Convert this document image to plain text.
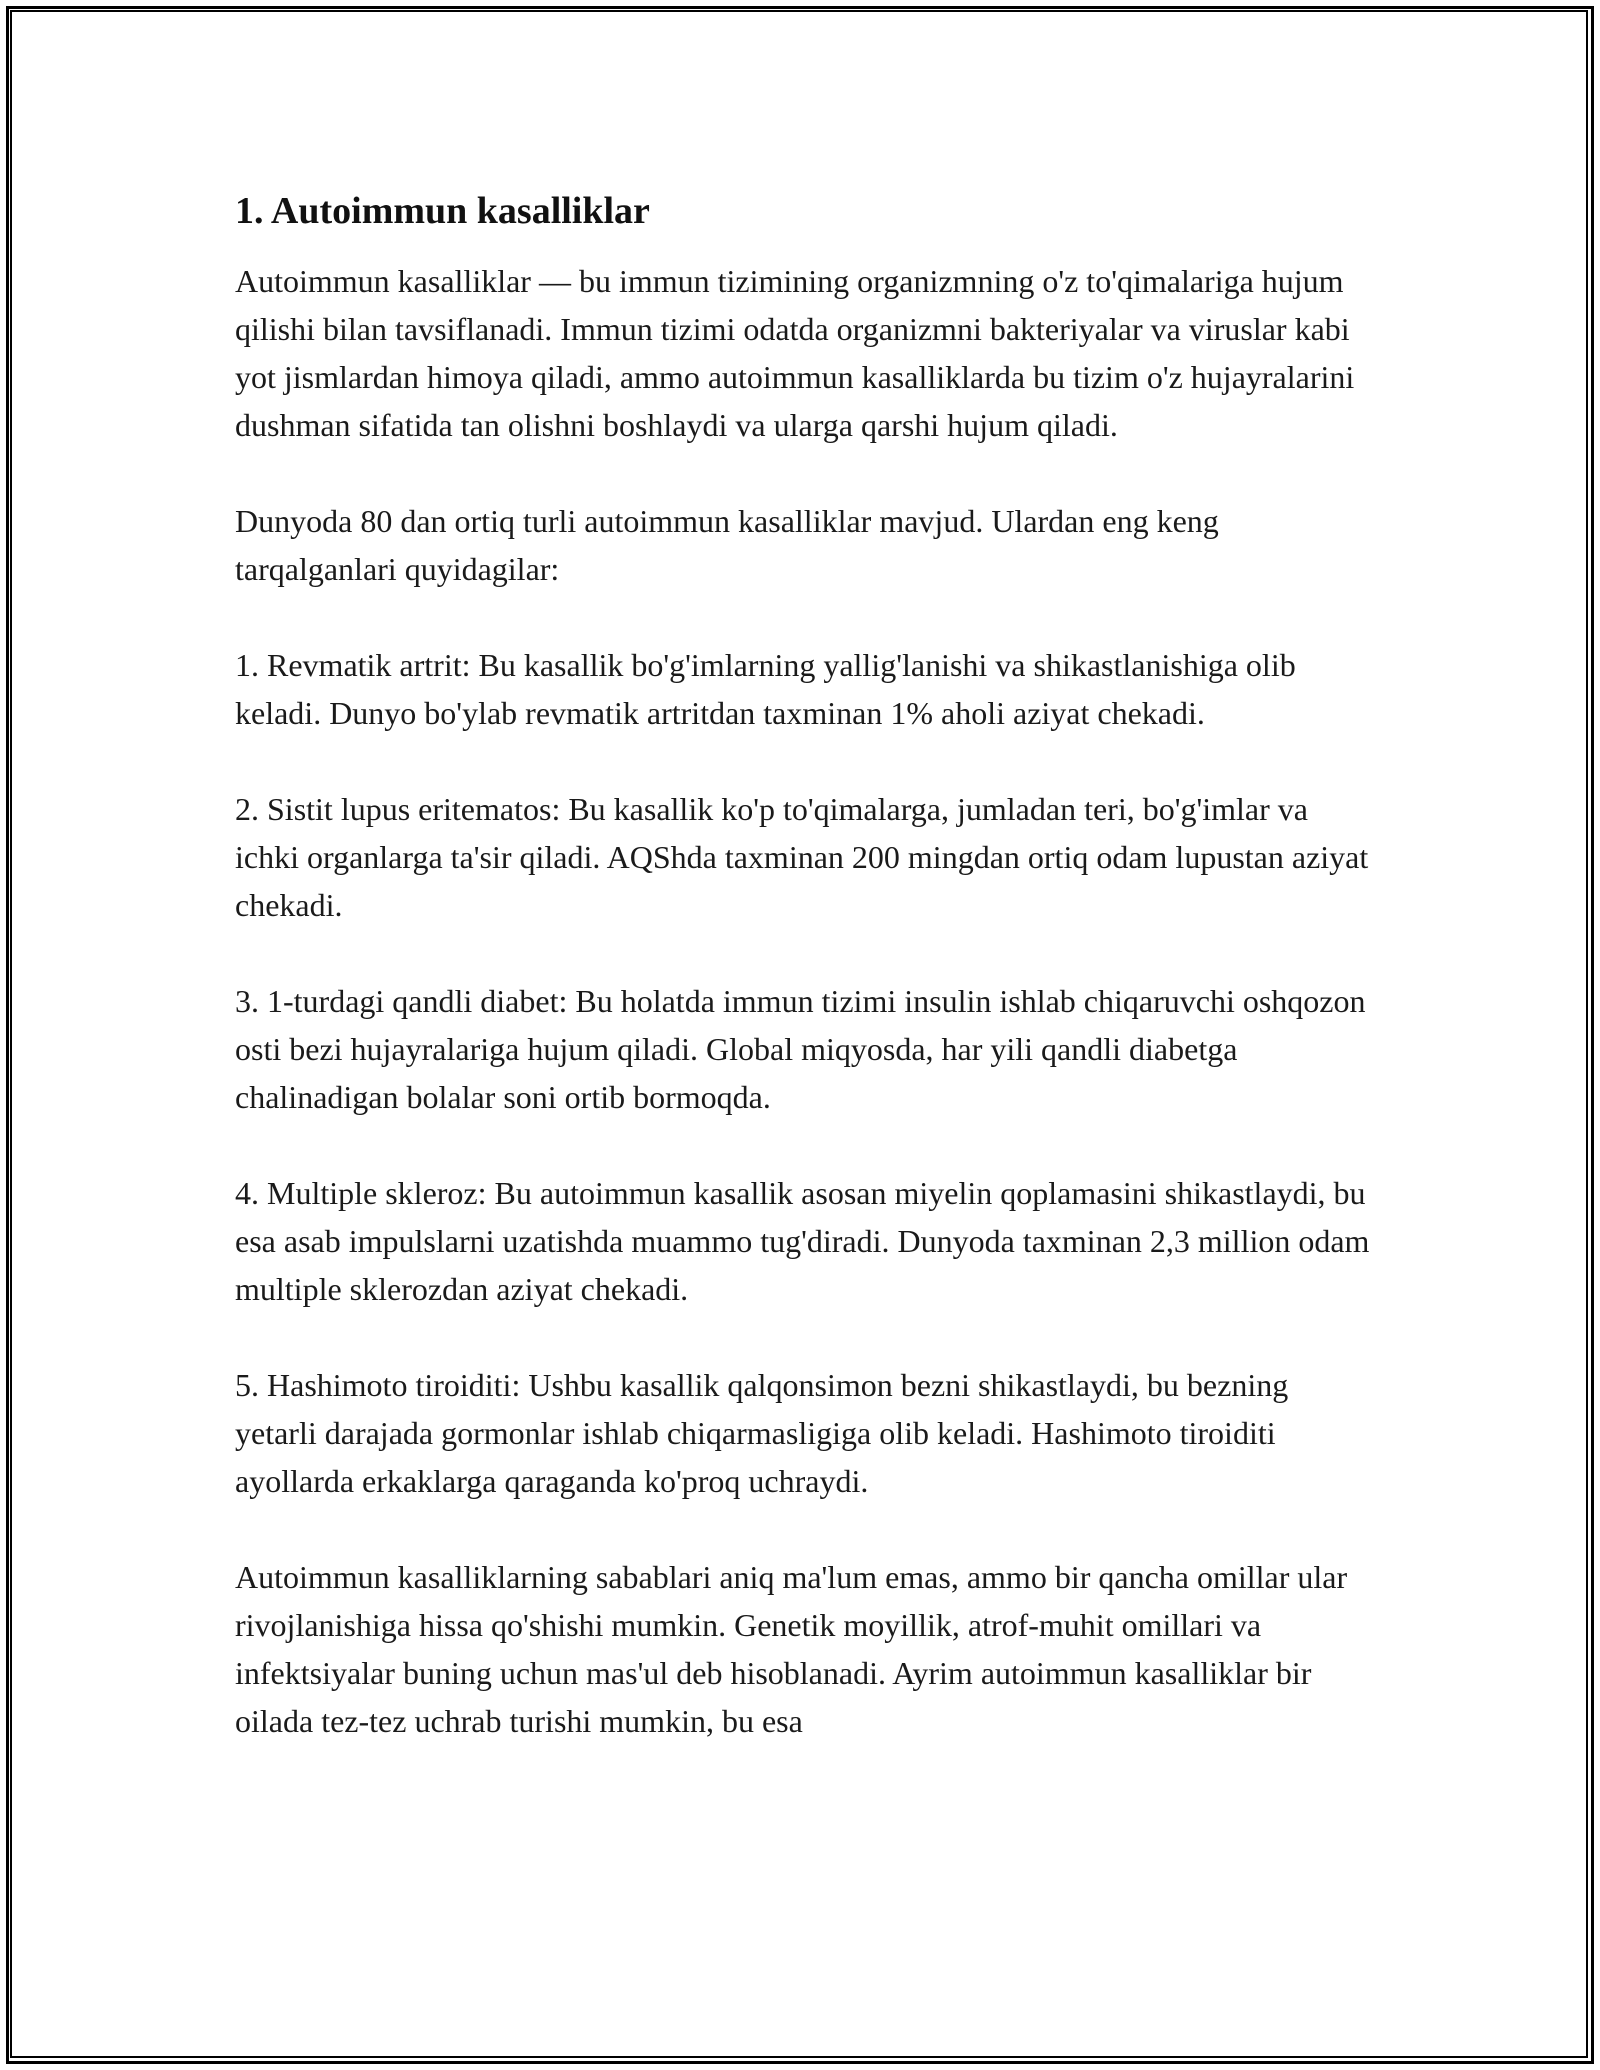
1. Autoimmun kasalliklar

Autoimmun kasalliklar — bu immun tizimining organizmning o'z to'qimalariga hujum qilishi bilan tavsiflanadi. Immun tizimi odatda organizmni bakteriyalar va viruslar kabi yot jismlardan himoya qiladi, ammo autoimmun kasalliklarda bu tizim o'z hujayralarini dushman sifatida tan olishni boshlaydi va ularga qarshi hujum qiladi.

Dunyoda 80 dan ortiq turli autoimmun kasalliklar mavjud. Ulardan eng keng tarqalganlari quyidagilar:

1. Revmatik artrit: Bu kasallik bo'g'imlarning yallig'lanishi va shikastlanishiga olib keladi. Dunyo bo'ylab revmatik artritdan taxminan 1% aholi aziyat chekadi.

2. Sistit lupus eritematos: Bu kasallik ko'p to'qimalarga, jumladan teri, bo'g'imlar va ichki organlarga ta'sir qiladi. AQShda taxminan 200 mingdan ortiq odam lupustan aziyat chekadi.

3. 1-turdagi qandli diabet: Bu holatda immun tizimi insulin ishlab chiqaruvchi oshqozon osti bezi hujayralariga hujum qiladi. Global miqyosda, har yili qandli diabetga chalinadigan bolalar soni ortib bormoqda.

4. Multiple skleroz: Bu autoimmun kasallik asosan miyelin qoplamasini shikastlaydi, bu esa asab impulslarni uzatishda muammo tug'diradi. Dunyoda taxminan 2,3 million odam multiple sklerozdan aziyat chekadi.

5. Hashimoto tiroiditi: Ushbu kasallik qalqonsimon bezni shikastlaydi, bu bezning yetarli darajada gormonlar ishlab chiqarmasligiga olib keladi. Hashimoto tiroiditi ayollarda erkaklarga qaraganda ko'proq uchraydi.

Autoimmun kasalliklarning sabablari aniq ma'lum emas, ammo bir qancha omillar ular rivojlanishiga hissa qo'shishi mumkin. Genetik moyillik, atrof-muhit omillari va infektsiyalar buning uchun mas'ul deb hisoblanadi. Ayrim autoimmun kasalliklar bir oilada tez-tez uchrab turishi mumkin, bu esa
